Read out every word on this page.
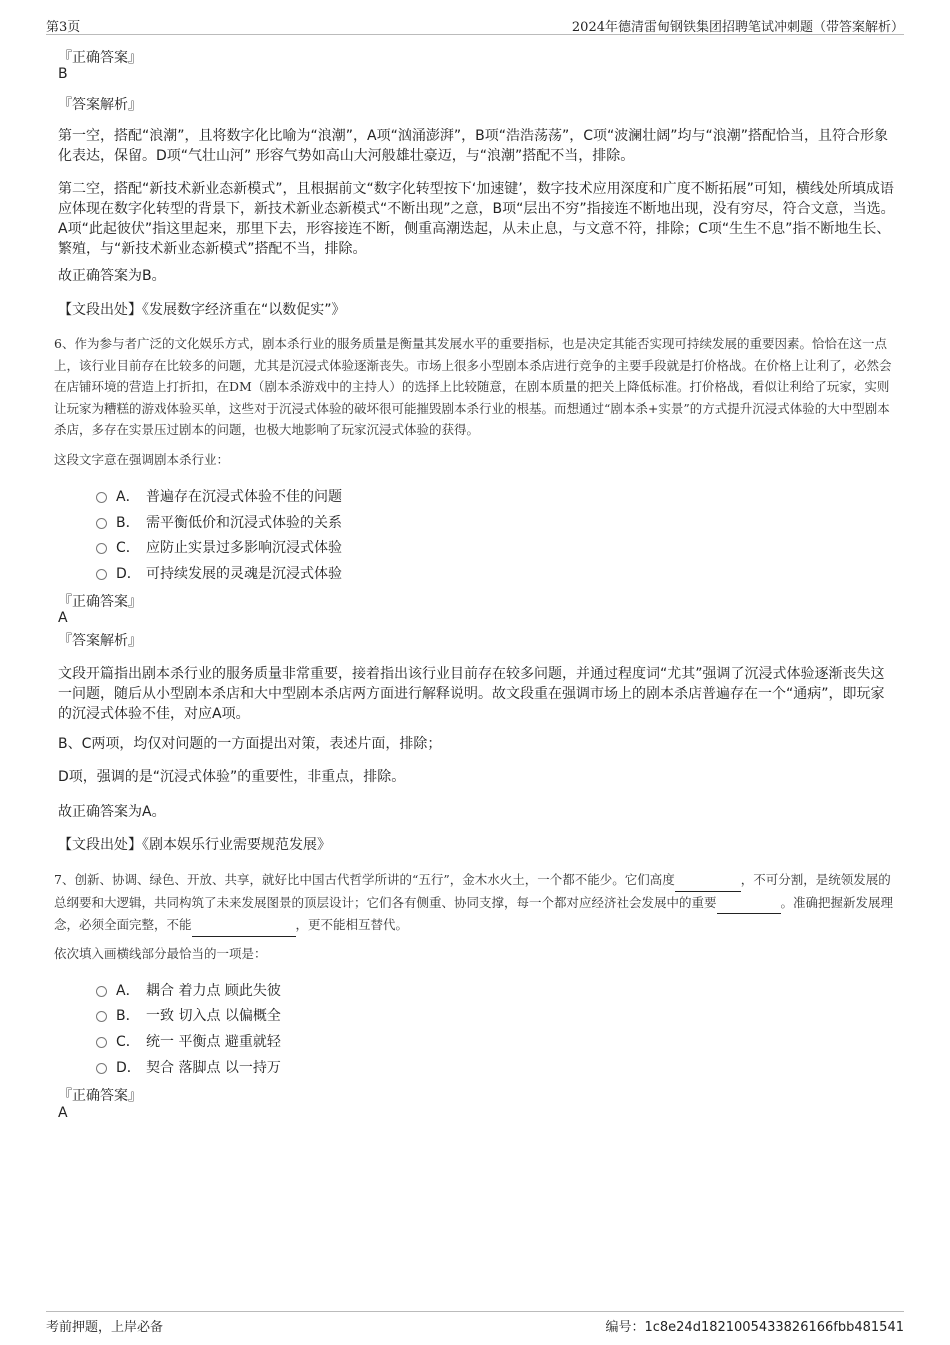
第3页	2024年德清雷甸钢铁集团招聘笔试冲刺题（带答案解析）
『正确答案』
B
『答案解析』
第一空，搭配“浪潮”，且将数字化比喻为“浪潮”，A项“汹涌澎湃”，B项“浩浩荡荡”，C项“波澜壮阔”均与“浪潮”搭配恰当，且符合形象化表达，保留。D项“气壮山河” 形容气势如高山大河般雄壮豪迈，与“浪潮”搭配不当，排除。
第二空，搭配“新技术新业态新模式”，且根据前文“数字化转型按下‘加速键’，数字技术应用深度和广度不断拓展”可知，横线处所填成语应体现在数字化转型的背景下，新技术新业态新模式“不断出现”之意，B项“层出不穷”指接连不断地出现，没有穷尽，符合文意，当选。A项“此起彼伏”指这里起来，那里下去，形容接连不断，侧重高潮迭起，从未止息，与文意不符，排除；C项“生生不息”指不断地生长、繁殖，与“新技术新业态新模式”搭配不当，排除。
故正确答案为B。
【文段出处】《发展数字经济重在“以数促实”》
6、作为参与者广泛的文化娱乐方式，剧本杀行业的服务质量是衡量其发展水平的重要指标，也是决定其能否实现可持续发展的重要因素。恰恰在这一点上，该行业目前存在比较多的问题，尤其是沉浸式体验逐渐丧失。市场上很多小型剧本杀店进行竞争的主要手段就是打价格战。在价格上让利了，必然会在店铺环境的营造上打折扣，在DM（剧本杀游戏中的主持人）的选择上比较随意，在剧本质量的把关上降低标准。打价格战，看似让利给了玩家，实则让玩家为糟糕的游戏体验买单，这些对于沉浸式体验的破坏很可能摧毁剧本杀行业的根基。而想通过“剧本杀+实景”的方式提升沉浸式体验的大中型剧本杀店，多存在实景压过剧本的问题，也极大地影响了玩家沉浸式体验的获得。
这段文字意在强调剧本杀行业：
A． 普遍存在沉浸式体验不佳的问题
B． 需平衡低价和沉浸式体验的关系
C． 应防止实景过多影响沉浸式体验
D． 可持续发展的灵魂是沉浸式体验
『正确答案』
A
『答案解析』
文段开篇指出剧本杀行业的服务质量非常重要，接着指出该行业目前存在较多问题，并通过程度词“尤其”强调了沉浸式体验逐渐丧失这一问题，随后从小型剧本杀店和大中型剧本杀店两方面进行解释说明。故文段重在强调市场上的剧本杀店普遍存在一个“通病”，即玩家的沉浸式体验不佳，对应A项。
B、C两项，均仅对问题的一方面提出对策，表述片面，排除；
D项，强调的是“沉浸式体验”的重要性，非重点，排除。
故正确答案为A。
【文段出处】《剧本娱乐行业需要规范发展》
7、创新、协调、绿色、开放、共享，就好比中国古代哲学所讲的“五行”，金木水火土，一个都不能少。它们高度	，不可分割，是统领发展的总纲要和大逻辑，共同构筑了未来发展图景的顶层设计；它们各有侧重、协同支撑，每一个都对应经济社会发展中的重要	。准确把握新发展理念，必须全面完整，不能	，更不能相互替代。
依次填入画横线部分最恰当的一项是：
A． 耦合 着力点 顾此失彼
B． 一致 切入点 以偏概全
C． 统一 平衡点 避重就轻
D． 契合 落脚点 以一持万
『正确答案』
A
考前押题，上岸必备	编号：1c8e24d1821005433826166fbb481541
